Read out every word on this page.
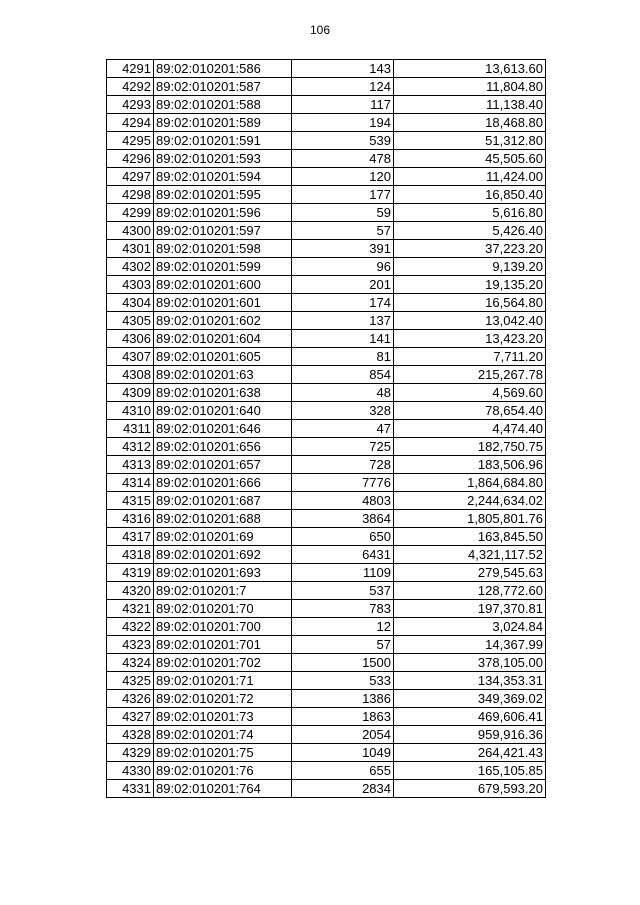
106
4291	89:02:010201:586	143	13,613.60
4292	89:02:010201:587	124	11,804.80
4293	89:02:010201:588	117	11,138.40
4294	89:02:010201:589	194	18,468.80
4295	89:02:010201:591	539	51,312.80
4296	89:02:010201:593	478	45,505.60
4297	89:02:010201:594	120	11,424.00
4298	89:02:010201:595	177	16,850.40
4299	89:02:010201:596	59	5,616.80
4300	89:02:010201:597	57	5,426.40
4301	89:02:010201:598	391	37,223.20
4302	89:02:010201:599	96	9,139.20
4303	89:02:010201:600	201	19,135.20
4304	89:02:010201:601	174	16,564.80
4305	89:02:010201:602	137	13,042.40
4306	89:02:010201:604	141	13,423.20
4307	89:02:010201:605	81	7,711.20
4308	89:02:010201:63	854	215,267.78
4309	89:02:010201:638	48	4,569.60
4310	89:02:010201:640	328	78,654.40
4311	89:02:010201:646	47	4,474.40
4312	89:02:010201:656	725	182,750.75
4313	89:02:010201:657	728	183,506.96
4314	89:02:010201:666	7776	1,864,684.80
4315	89:02:010201:687	4803	2,244,634.02
4316	89:02:010201:688	3864	1,805,801.76
4317	89:02:010201:69	650	163,845.50
4318	89:02:010201:692	6431	4,321,117.52
4319	89:02:010201:693	1109	279,545.63
4320	89:02:010201:7	537	128,772.60
4321	89:02:010201:70	783	197,370.81
4322	89:02:010201:700	12	3,024.84
4323	89:02:010201:701	57	14,367.99
4324	89:02:010201:702	1500	378,105.00
4325	89:02:010201:71	533	134,353.31
4326	89:02:010201:72	1386	349,369.02
4327	89:02:010201:73	1863	469,606.41
4328	89:02:010201:74	2054	959,916.36
4329	89:02:010201:75	1049	264,421.43
4330	89:02:010201:76	655	165,105.85
4331	89:02:010201:764	2834	679,593.20
